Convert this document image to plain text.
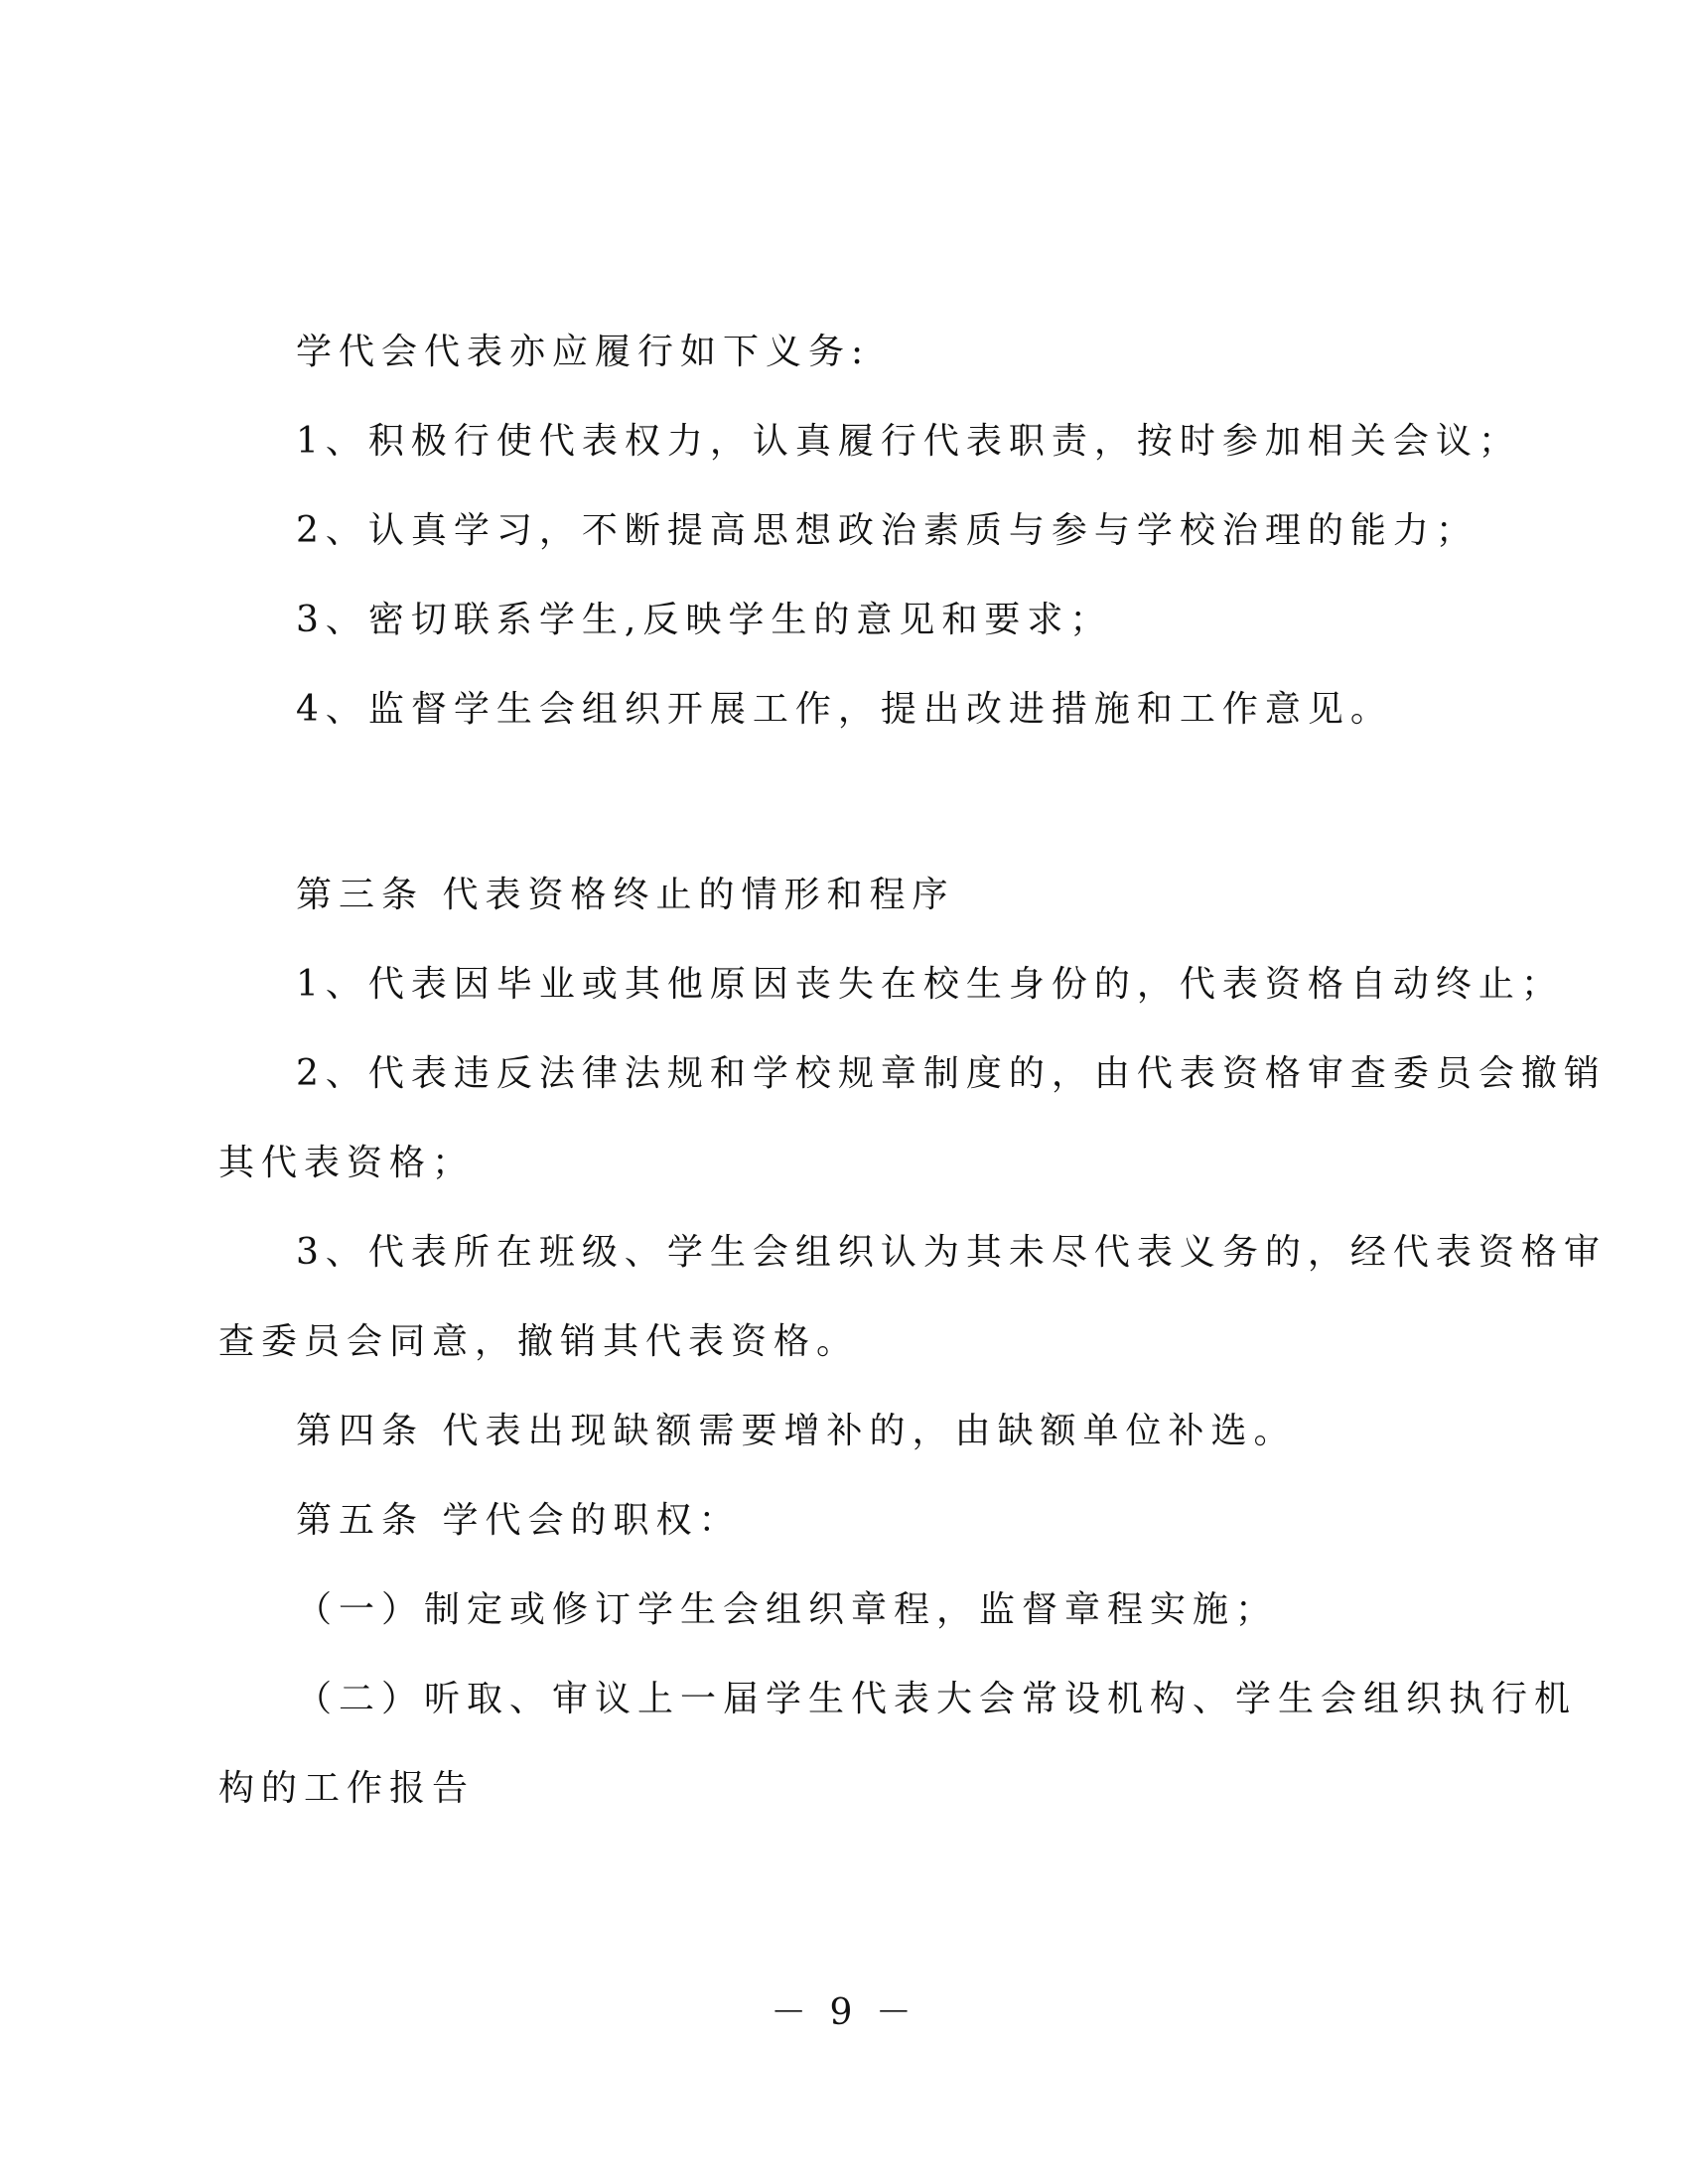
学代会代表亦应履行如下义务:
1、积极行使代表权力，认真履行代表职责，按时参加相关会议；
2、认真学习，不断提高思想政治素质与参与学校治理的能力；
3、密切联系学生,反映学生的意见和要求；
4、监督学生会组织开展工作，提出改进措施和工作意见。
第三条 代表资格终止的情形和程序
1、代表因毕业或其他原因丧失在校生身份的，代表资格自动终止；
2、代表违反法律法规和学校规章制度的，由代表资格审查委员会撤销
其代表资格；
3、代表所在班级、学生会组织认为其未尽代表义务的，经代表资格审
查委员会同意，撤销其代表资格。
第四条 代表出现缺额需要增补的，由缺额单位补选。
第五条 学代会的职权：
（一）制定或修订学生会组织章程，监督章程实施；
（二）听取、审议上一届学生代表大会常设机构、学生会组织执行机
构的工作报告
－ 9 －
